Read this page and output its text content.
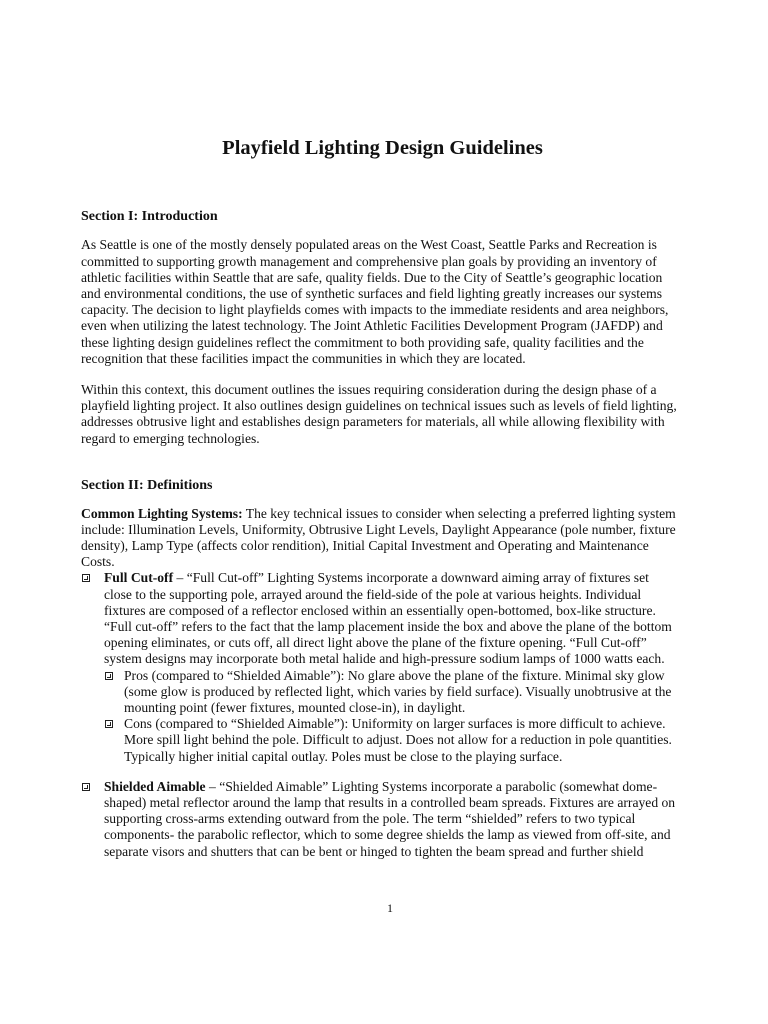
Playfield Lighting Design Guidelines
Section I: Introduction

As Seattle is one of the mostly densely populated areas on the West Coast, Seattle Parks and Recreation is committed to supporting growth management and comprehensive plan goals by providing an inventory of athletic facilities within Seattle that are safe, quality fields. Due to the City of Seattle’s geographic location and environmental conditions, the use of synthetic surfaces and field lighting greatly increases our systems capacity. The decision to light playfields comes with impacts to the immediate residents and area neighbors, even when utilizing the latest technology. The Joint Athletic Facilities Development Program (JAFDP) and these lighting design guidelines reflect the commitment to both providing safe, quality facilities and the recognition that these facilities impact the communities in which they are located.

Within this context, this document outlines the issues requiring consideration during the design phase of a playfield lighting project. It also outlines design guidelines on technical issues such as levels of field lighting, addresses obtrusive light and establishes design parameters for materials, all while allowing flexibility with regard to emerging technologies.

Section II: Definitions

Common Lighting Systems: The key technical issues to consider when selecting a preferred lighting system include: Illumination Levels, Uniformity, Obtrusive Light Levels, Daylight Appearance (pole number, fixture density), Lamp Type (affects color rendition), Initial Capital Investment and Operating and Maintenance Costs.

Full Cut-off – “Full Cut-off” Lighting Systems incorporate a downward aiming array of fixtures set close to the supporting pole, arrayed around the field-side of the pole at various heights. Individual fixtures are composed of a reflector enclosed within an essentially open-bottomed, box-like structure. “Full cut-off” refers to the fact that the lamp placement inside the box and above the plane of the bottom opening eliminates, or cuts off, all direct light above the plane of the fixture opening. “Full Cut-off” system designs may incorporate both metal halide and high-pressure sodium lamps of 1000 watts each.
Pros (compared to “Shielded Aimable”): No glare above the plane of the fixture. Minimal sky glow (some glow is produced by reflected light, which varies by field surface). Visually unobtrusive at the mounting point (fewer fixtures, mounted close-in), in daylight.
Cons (compared to “Shielded Aimable”): Uniformity on larger surfaces is more difficult to achieve. More spill light behind the pole. Difficult to adjust. Does not allow for a reduction in pole quantities. Typically higher initial capital outlay. Poles must be close to the playing surface.
Shielded Aimable – “Shielded Aimable” Lighting Systems incorporate a parabolic (somewhat dome-shaped) metal reflector around the lamp that results in a controlled beam spreads. Fixtures are arrayed on supporting cross-arms extending outward from the pole. The term “shielded” refers to two typical components- the parabolic reflector, which to some degree shields the lamp as viewed from off-site, and separate visors and shutters that can be bent or hinged to tighten the beam spread and further shield
1
